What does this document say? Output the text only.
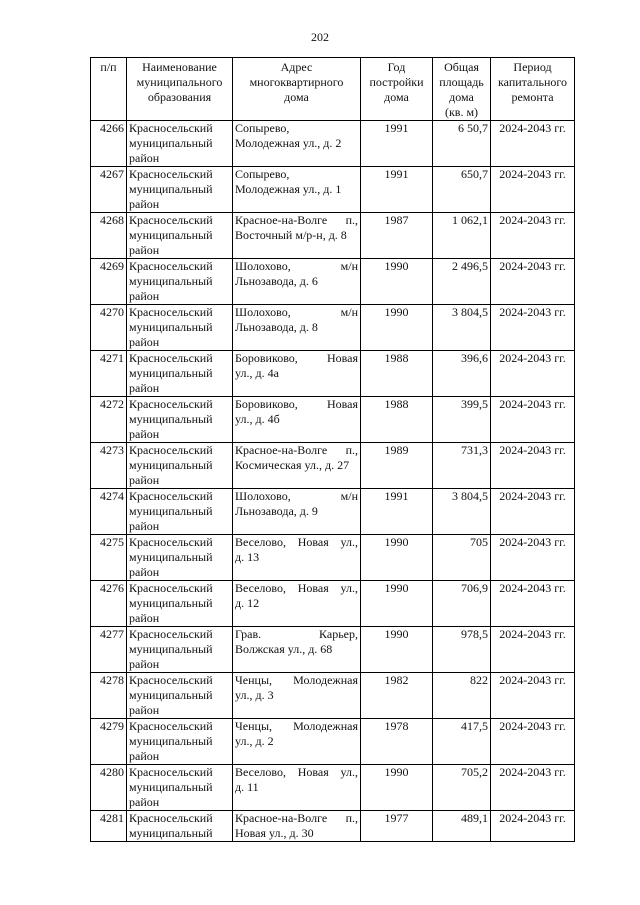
202
п/п	Наименование
муниципального
образования	Адрес
многоквартирного
дома	Год
постройки
дома	Общая
площадь
дома
(кв. м)	Период
капитального
ремонта

4266	Красносельский
муниципальный
район	Сопырево,
Молодежная ул., д. 2	1991	6 50,7	2024-2043 гг.
4267	Красносельский
муниципальный
район	Сопырево,
Молодежная ул., д. 1	1991	650,7	2024-2043 гг.
4268	Красносельский
муниципальный
район	Красное-на-Волге п.,
Восточный м/р-н, д. 8	1987	1 062,1	2024-2043 гг.
4269	Красносельский
муниципальный
район	Шолохово, м/н
Льнозавода, д. 6	1990	2 496,5	2024-2043 гг.
4270	Красносельский
муниципальный
район	Шолохово, м/н
Льнозавода, д. 8	1990	3 804,5	2024-2043 гг.
4271	Красносельский
муниципальный
район	Боровиково, Новая
ул., д. 4а	1988	396,6	2024-2043 гг.
4272	Красносельский
муниципальный
район	Боровиково, Новая
ул., д. 4б	1988	399,5	2024-2043 гг.
4273	Красносельский
муниципальный
район	Красное-на-Волге п.,
Космическая ул., д. 27	1989	731,3	2024-2043 гг.
4274	Красносельский
муниципальный
район	Шолохово, м/н
Льнозавода, д. 9	1991	3 804,5	2024-2043 гг.
4275	Красносельский
муниципальный
район	Веселово, Новая ул.,
д. 13	1990	705	2024-2043 гг.
4276	Красносельский
муниципальный
район	Веселово, Новая ул.,
д. 12	1990	706,9	2024-2043 гг.
4277	Красносельский
муниципальный
район	Грав. Карьер,
Волжская ул., д. 68	1990	978,5	2024-2043 гг.
4278	Красносельский
муниципальный
район	Ченцы, Молодежная
ул., д. 3	1982	822	2024-2043 гг.
4279	Красносельский
муниципальный
район	Ченцы, Молодежная
ул., д. 2	1978	417,5	2024-2043 гг.
4280	Красносельский
муниципальный
район	Веселово, Новая ул.,
д. 11	1990	705,2	2024-2043 гг.
4281	Красносельский
муниципальный	Красное-на-Волге п.,
Новая ул., д. 30	1977	489,1	2024-2043 гг.
